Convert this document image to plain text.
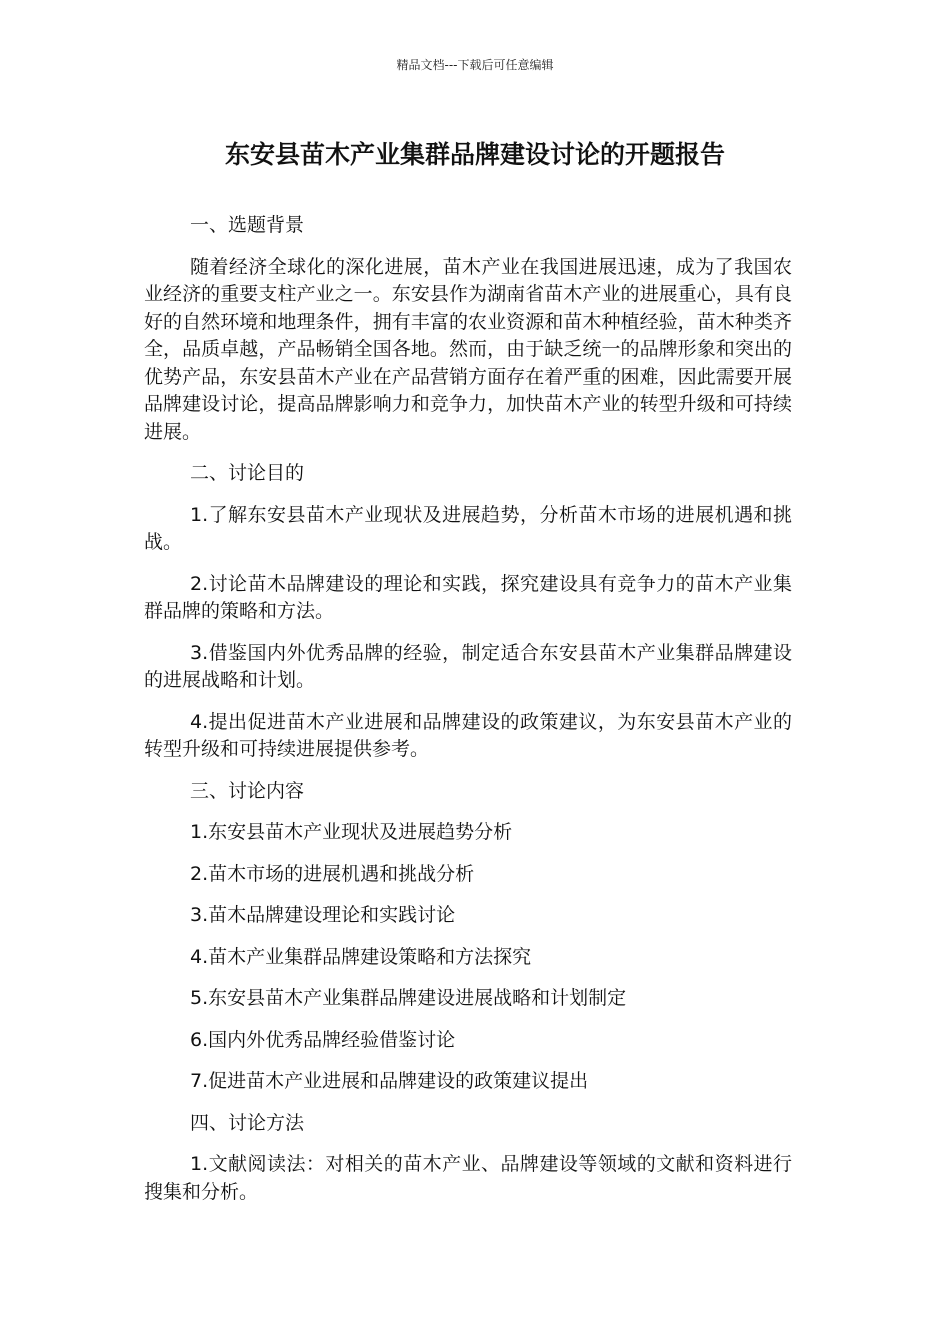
精品文档---下载后可任意编辑
东安县苗木产业集群品牌建设讨论的开题报告

一、选题背景

随着经济全球化的深化进展，苗木产业在我国进展迅速，成为了我国农业经济的重要支柱产业之一。东安县作为湖南省苗木产业的进展重心，具有良好的自然环境和地理条件，拥有丰富的农业资源和苗木种植经验，苗木种类齐全，品质卓越，产品畅销全国各地。然而，由于缺乏统一的品牌形象和突出的优势产品，东安县苗木产业在产品营销方面存在着严重的困难，因此需要开展品牌建设讨论，提高品牌影响力和竞争力，加快苗木产业的转型升级和可持续进展。

二、讨论目的

1.了解东安县苗木产业现状及进展趋势，分析苗木市场的进展机遇和挑战。

2.讨论苗木品牌建设的理论和实践，探究建设具有竞争力的苗木产业集群品牌的策略和方法。

3.借鉴国内外优秀品牌的经验，制定适合东安县苗木产业集群品牌建设的进展战略和计划。

4.提出促进苗木产业进展和品牌建设的政策建议，为东安县苗木产业的转型升级和可持续进展提供参考。

三、讨论内容

1.东安县苗木产业现状及进展趋势分析

2.苗木市场的进展机遇和挑战分析

3.苗木品牌建设理论和实践讨论

4.苗木产业集群品牌建设策略和方法探究

5.东安县苗木产业集群品牌建设进展战略和计划制定

6.国内外优秀品牌经验借鉴讨论

7.促进苗木产业进展和品牌建设的政策建议提出

四、讨论方法

1.文献阅读法：对相关的苗木产业、品牌建设等领域的文献和资料进行搜集和分析。
